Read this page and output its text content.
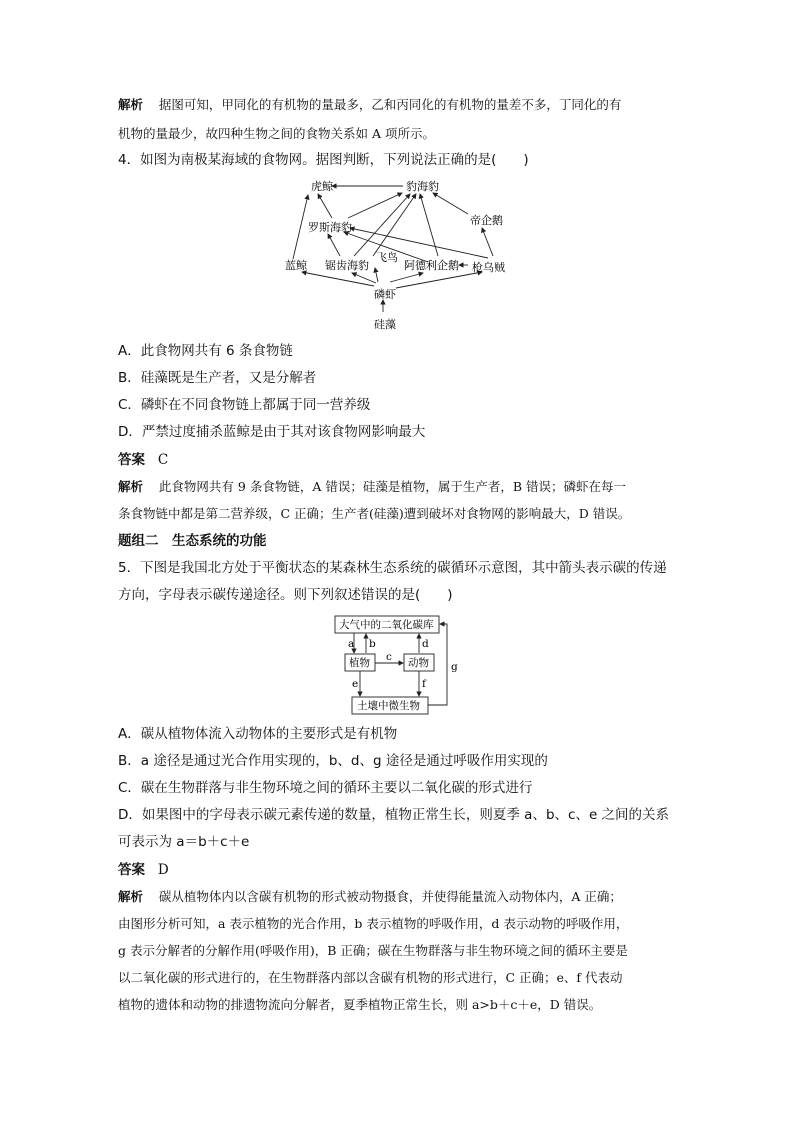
解析 据图可知，甲同化的有机物的量最多，乙和丙同化的有机物的量差不多，丁同化的有
机物的量最少，故四种生物之间的食物关系如 A 项所示。
4．如图为南极某海域的食物网。据图判断，下列说法正确的是(　　)
虎鲸	豹海豹
帝企鹅
罗斯海豹
飞鸟
蓝鲸 锯齿海豹	阿德利企鹅 枪乌贼
磷虾
硅藻
A．此食物网共有 6 条食物链
B．硅藻既是生产者，又是分解者
C．磷虾在不同食物链上都属于同一营养级
D．严禁过度捕杀蓝鲸是由于其对该食物网影响最大
答案 C
解析 此食物网共有 9 条食物链，A 错误；硅藻是植物，属于生产者，B 错误；磷虾在每一
条食物链中都是第二营养级，C 正确；生产者(硅藻)遭到破坏对食物网的影响最大，D 错误。
题组二　生态系统的功能
5．下图是我国北方处于平衡状态的某森林生态系统的碳循环示意图，其中箭头表示碳的传递
方向，字母表示碳传递途径。则下列叙述错误的是(　　)
大气中的二氧化碳库
植物	动物
土壤中微生物
a b
c
d
e	f
g
A．碳从植物体流入动物体的主要形式是有机物
B．a 途径是通过光合作用实现的，b、d、g 途径是通过呼吸作用实现的
C．碳在生物群落与非生物环境之间的循环主要以二氧化碳的形式进行
D．如果图中的字母表示碳元素传递的数量，植物正常生长，则夏季 a、b、c、e 之间的关系
可表示为 a＝b＋c＋e
答案 D
解析 碳从植物体内以含碳有机物的形式被动物摄食，并使得能量流入动物体内，A 正确；
由图形分析可知，a 表示植物的光合作用，b 表示植物的呼吸作用，d 表示动物的呼吸作用，
g 表示分解者的分解作用(呼吸作用)，B 正确；碳在生物群落与非生物环境之间的循环主要是
以二氧化碳的形式进行的，在生物群落内部以含碳有机物的形式进行，C 正确；e、f 代表动
植物的遗体和动物的排遗物流向分解者，夏季植物正常生长，则 a>b＋c＋e，D 错误。
